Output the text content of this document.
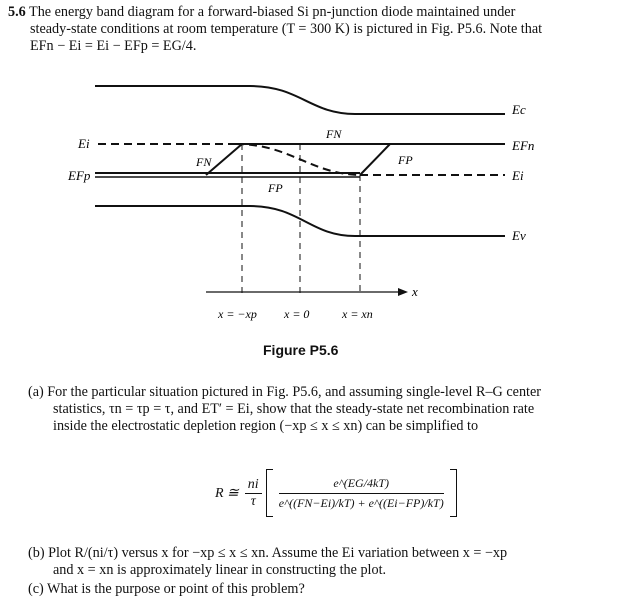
5.6 The energy band diagram for a forward-biased Si pn-junction diode maintained under
steady-state conditions at room temperature (T = 300 K) is pictured in Fig. P5.6. Note that
EFn − Ei = Ei − EFp = EG/4.
Ec
EFn
Ei
Ev
Ei
EFp
FN
FN	FP
FP
x
x = −xp x = 0	x = xn
Figure P5.6
(a) For the particular situation pictured in Fig. P5.6, and assuming single-level R–G center
statistics, τn = τp = τ, and ET′ = Ei, show that the steady-state net recombination rate
inside the electrostatic depletion region (−xp ≤ x ≤ xn) can be simplified to
R ≅ $\frac{ni}{\tau}$	e^(EG/4kT)
e^((FN−Ei)/kT) + e^((Ei−FP)/kT)
(b) Plot R/(ni/τ) versus x for −xp ≤ x ≤ xn. Assume the Ei variation between x = −xp
and x = xn is approximately linear in constructing the plot.
(c) What is the purpose or point of this problem?
